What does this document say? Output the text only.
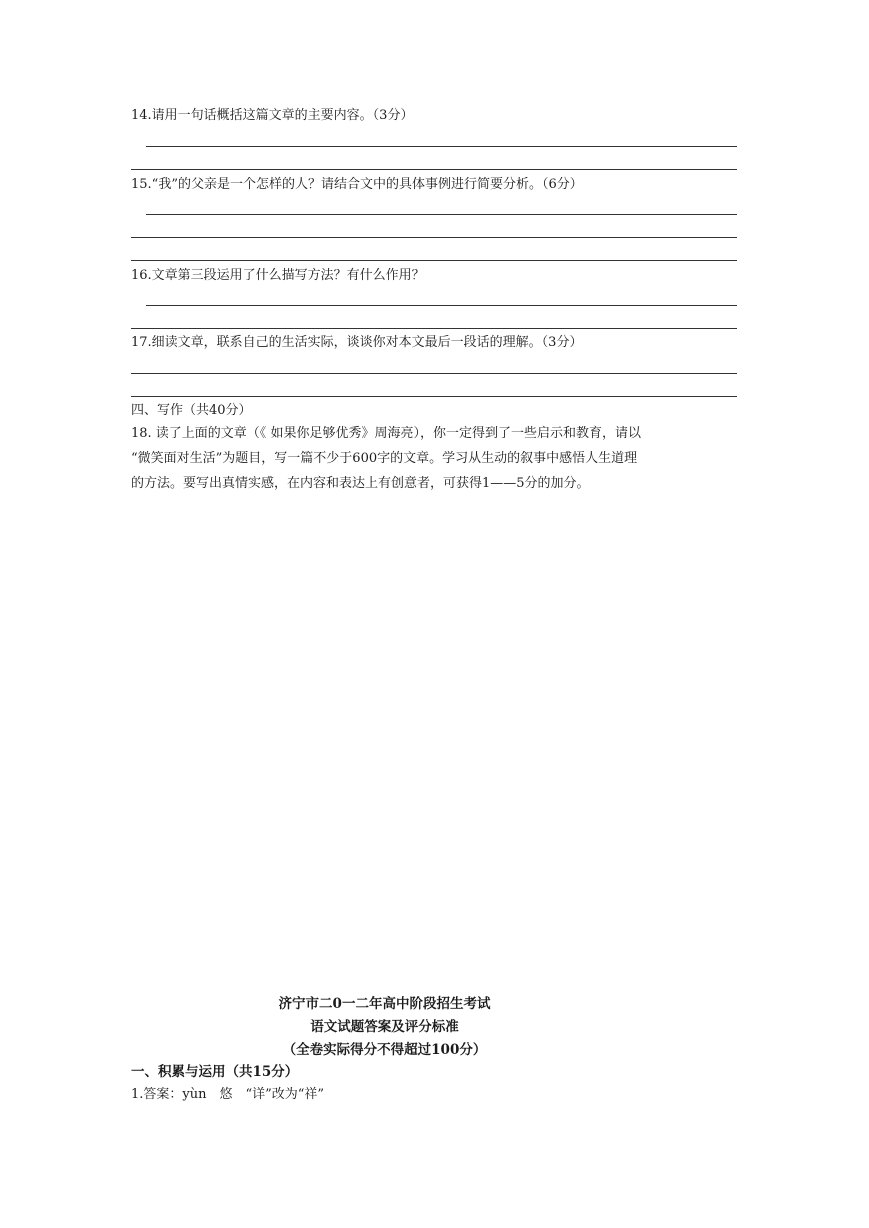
14.请用一句话概括这篇文章的主要内容。（3分）
15.“我”的父亲是一个怎样的人？请结合文中的具体事例进行简要分析。（6分）
16.文章第三段运用了什么描写方法？有什么作用？
17.细读文章，联系自己的生活实际，谈谈你对本文最后一段话的理解。（3分）
四、写作（共40分）
18. 读了上面的文章（《 如果你足够优秀》周海亮），你一定得到了一些启示和教育，请以
“微笑面对生活”为题目，写一篇不少于600字的文章。学习从生动的叙事中感悟人生道理
的方法。要写出真情实感，在内容和表达上有创意者，可获得1——5分的加分。
济宁市二0一二年高中阶段招生考试
语文试题答案及评分标准
（全卷实际得分不得超过100分）
一、积累与运用（共15分）
1.答案：yùn　悠　“详”改为“祥”
